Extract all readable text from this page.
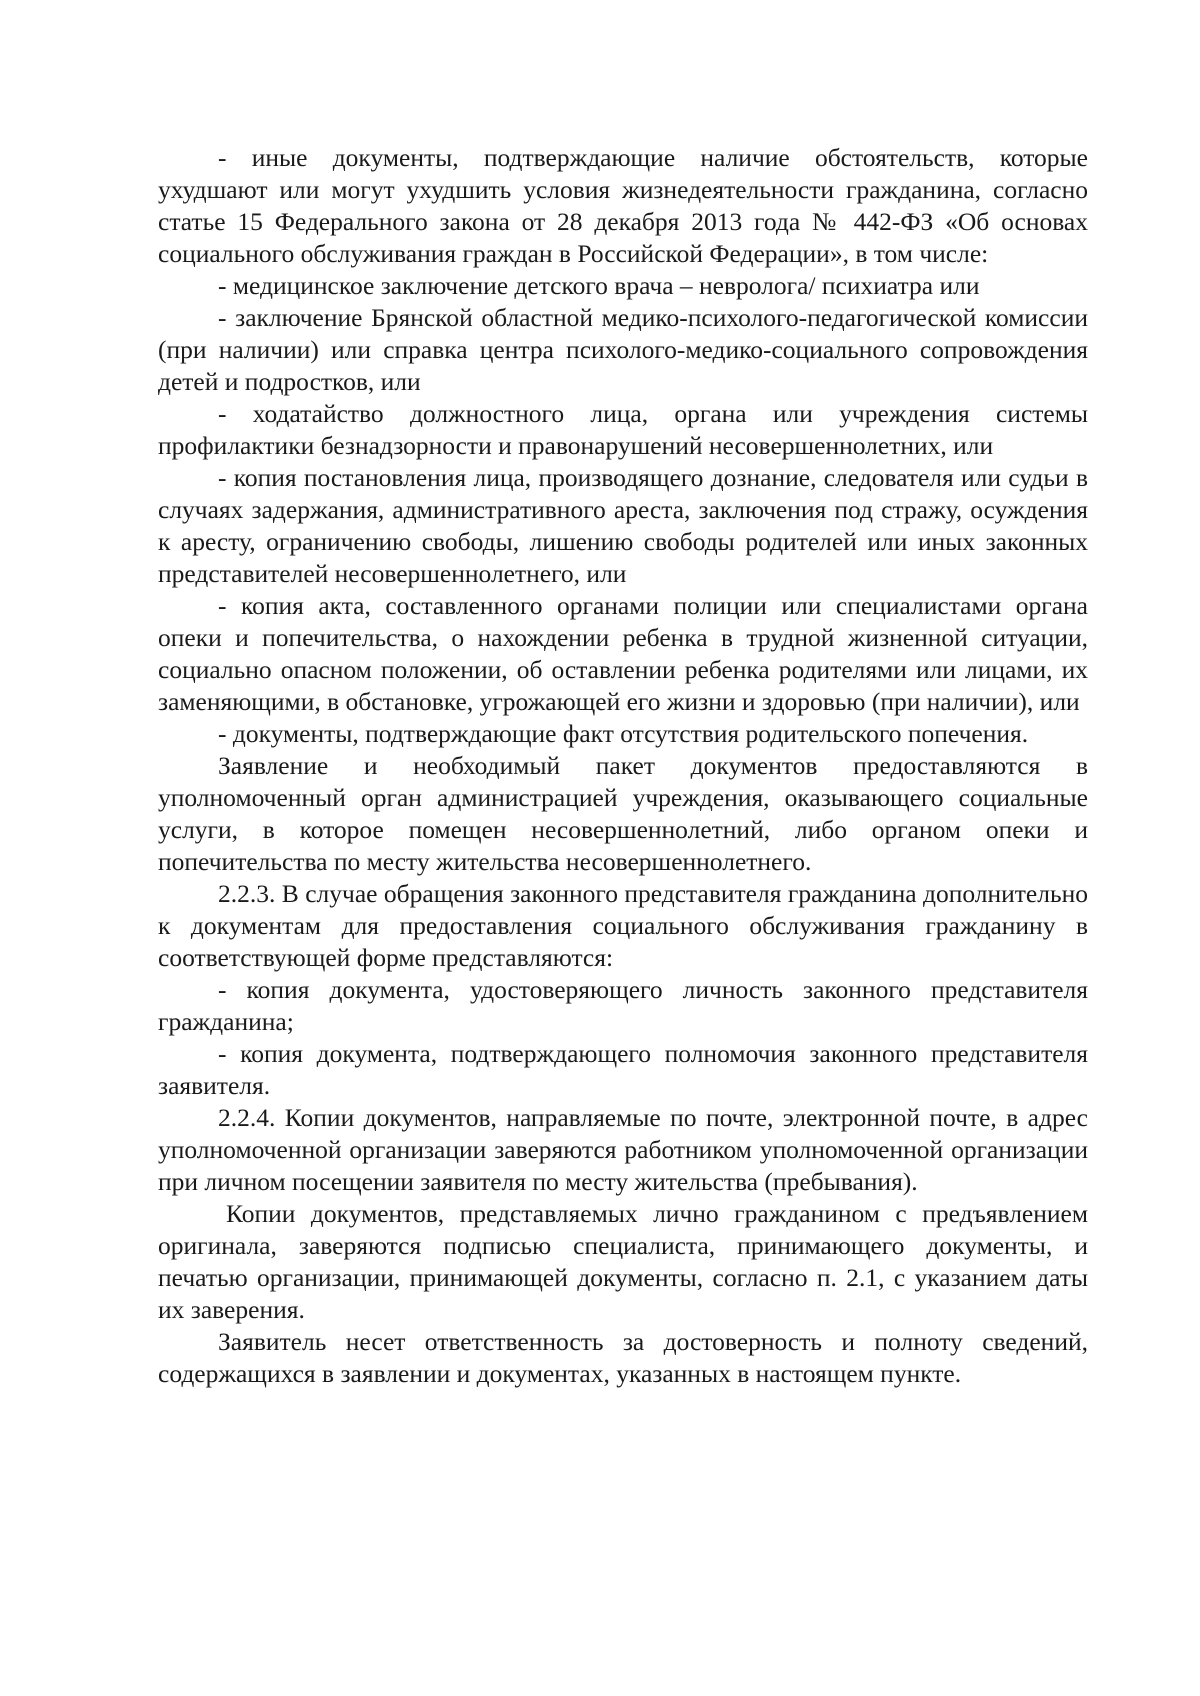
- иные документы, подтверждающие наличие обстоятельств, которые ухудшают или могут ухудшить условия жизнедеятельности гражданина, согласно статье 15 Федерального закона от 28 декабря 2013 года № 442-ФЗ «Об основах социального обслуживания граждан в Российской Федерации», в том числе:

- медицинское заключение детского врача – невролога/ психиатра или

- заключение Брянской областной медико-психолого-педагогической комиссии (при наличии) или справка центра психолого-медико-социального сопровождения детей и подростков, или

- ходатайство должностного лица, органа или учреждения системы профилактики безнадзорности и правонарушений несовершеннолетних, или

- копия постановления лица, производящего дознание, следователя или судьи в случаях задержания, административного ареста, заключения под стражу, осуждения к аресту, ограничению свободы, лишению свободы родителей или иных законных представителей несовершеннолетнего, или

- копия акта, составленного органами полиции или специалистами органа опеки и попечительства, о нахождении ребенка в трудной жизненной ситуации, социально опасном положении, об оставлении ребенка родителями или лицами, их заменяющими, в обстановке, угрожающей его жизни и здоровью (при наличии), или

- документы, подтверждающие факт отсутствия родительского попечения.

Заявление и необходимый пакет документов предоставляются в уполномоченный орган администрацией учреждения, оказывающего социальные услуги, в которое помещен несовершеннолетний, либо органом опеки и попечительства по месту жительства несовершеннолетнего.

2.2.3. В случае обращения законного представителя гражданина дополнительно к документам для предоставления социального обслуживания гражданину в соответствующей форме представляются:

- копия документа, удостоверяющего личность законного представителя гражданина;

- копия документа, подтверждающего полномочия законного представителя заявителя.

2.2.4. Копии документов, направляемые по почте, электронной почте, в адрес уполномоченной организации заверяются работником уполномоченной организации при личном посещении заявителя по месту жительства (пребывания).

Копии документов, представляемых лично гражданином с предъявлением оригинала, заверяются подписью специалиста, принимающего документы, и печатью организации, принимающей документы, согласно п. 2.1, с указанием даты их заверения.

Заявитель несет ответственность за достоверность и полноту сведений, содержащихся в заявлении и документах, указанных в настоящем пункте.
